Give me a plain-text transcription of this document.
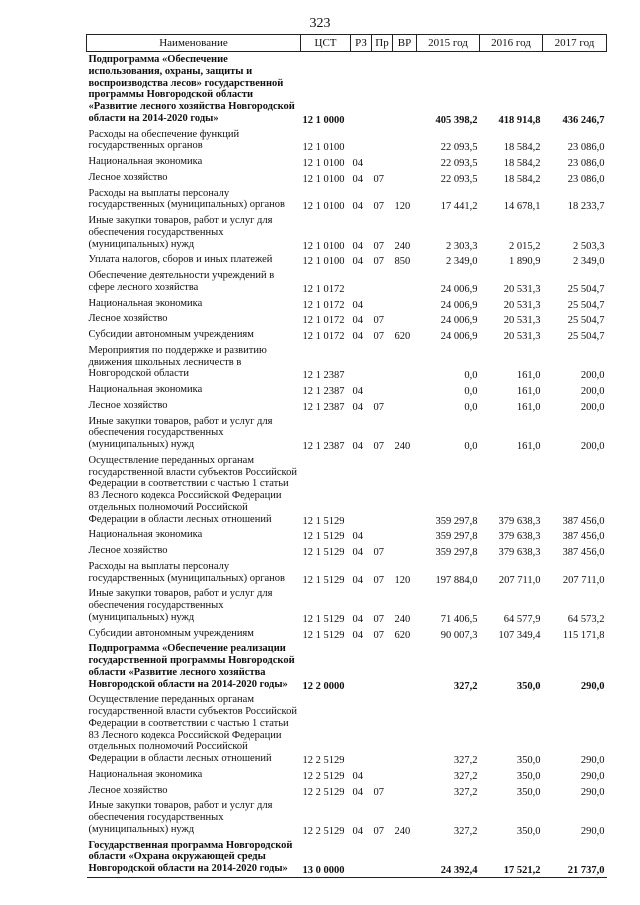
323
Наименование	ЦСТ	РЗ	Пр	ВР	2015 год	2016 год	2017 год
Подпрограмма «Обеспечение использования, охраны, защиты и воспроизводства лесов» государственной программы Новгородской области «Развитие лесного хозяйства Новгородской области на 2014-2020 годы»	12 1 0000				405 398,2	418 914,8	436 246,7
Расходы на обеспечение функций государственных органов	12 1 0100				22 093,5	18 584,2	23 086,0
Национальная экономика	12 1 0100	04			22 093,5	18 584,2	23 086,0
Лесное хозяйство	12 1 0100	04	07		22 093,5	18 584,2	23 086,0
Расходы на выплаты персоналу государственных (муниципальных) органов	12 1 0100	04	07	120	17 441,2	14 678,1	18 233,7
Иные закупки товаров, работ и услуг для обеспечения государственных (муниципальных) нужд	12 1 0100	04	07	240	2 303,3	2 015,2	2 503,3
Уплата налогов, сборов и иных платежей	12 1 0100	04	07	850	2 349,0	1 890,9	2 349,0
Обеспечение деятельности учреждений в сфере лесного хозяйства	12 1 0172				24 006,9	20 531,3	25 504,7
Национальная экономика	12 1 0172	04			24 006,9	20 531,3	25 504,7
Лесное хозяйство	12 1 0172	04	07		24 006,9	20 531,3	25 504,7
Субсидии автономным учреждениям	12 1 0172	04	07	620	24 006,9	20 531,3	25 504,7
Мероприятия по поддержке и развитию движения школьных лесничеств в Новгородской области	12 1 2387				0,0	161,0	200,0
Национальная экономика	12 1 2387	04			0,0	161,0	200,0
Лесное хозяйство	12 1 2387	04	07		0,0	161,0	200,0
Иные закупки товаров, работ и услуг для обеспечения государственных (муниципальных) нужд	12 1 2387	04	07	240	0,0	161,0	200,0
Осуществление переданных органам государственной власти субъектов Российской Федерации в соответствии с частью 1 статьи 83 Лесного кодекса Российской Федерации отдельных полномочий Российской Федерации в области лесных отношений	12 1 5129				359 297,8	379 638,3	387 456,0
Национальная экономика	12 1 5129	04			359 297,8	379 638,3	387 456,0
Лесное хозяйство	12 1 5129	04	07		359 297,8	379 638,3	387 456,0
Расходы на выплаты персоналу государственных (муниципальных) органов	12 1 5129	04	07	120	197 884,0	207 711,0	207 711,0
Иные закупки товаров, работ и услуг для обеспечения государственных (муниципальных) нужд	12 1 5129	04	07	240	71 406,5	64 577,9	64 573,2
Субсидии автономным учреждениям	12 1 5129	04	07	620	90 007,3	107 349,4	115 171,8
Подпрограмма «Обеспечение реализации государственной программы Новгородской области «Развитие лесного хозяйства Новгородской области на 2014-2020 годы»	12 2 0000				327,2	350,0	290,0
Осуществление переданных органам государственной власти субъектов Российской Федерации в соответствии с частью 1 статьи 83 Лесного кодекса Российской Федерации отдельных полномочий Российской Федерации в области лесных отношений	12 2 5129				327,2	350,0	290,0
Национальная экономика	12 2 5129	04			327,2	350,0	290,0
Лесное хозяйство	12 2 5129	04	07		327,2	350,0	290,0
Иные закупки товаров, работ и услуг для обеспечения государственных (муниципальных) нужд	12 2 5129	04	07	240	327,2	350,0	290,0
Государственная программа Новгородской области «Охрана окружающей среды Новгородской области на 2014-2020 годы»	13 0 0000				24 392,4	17 521,2	21 737,0
